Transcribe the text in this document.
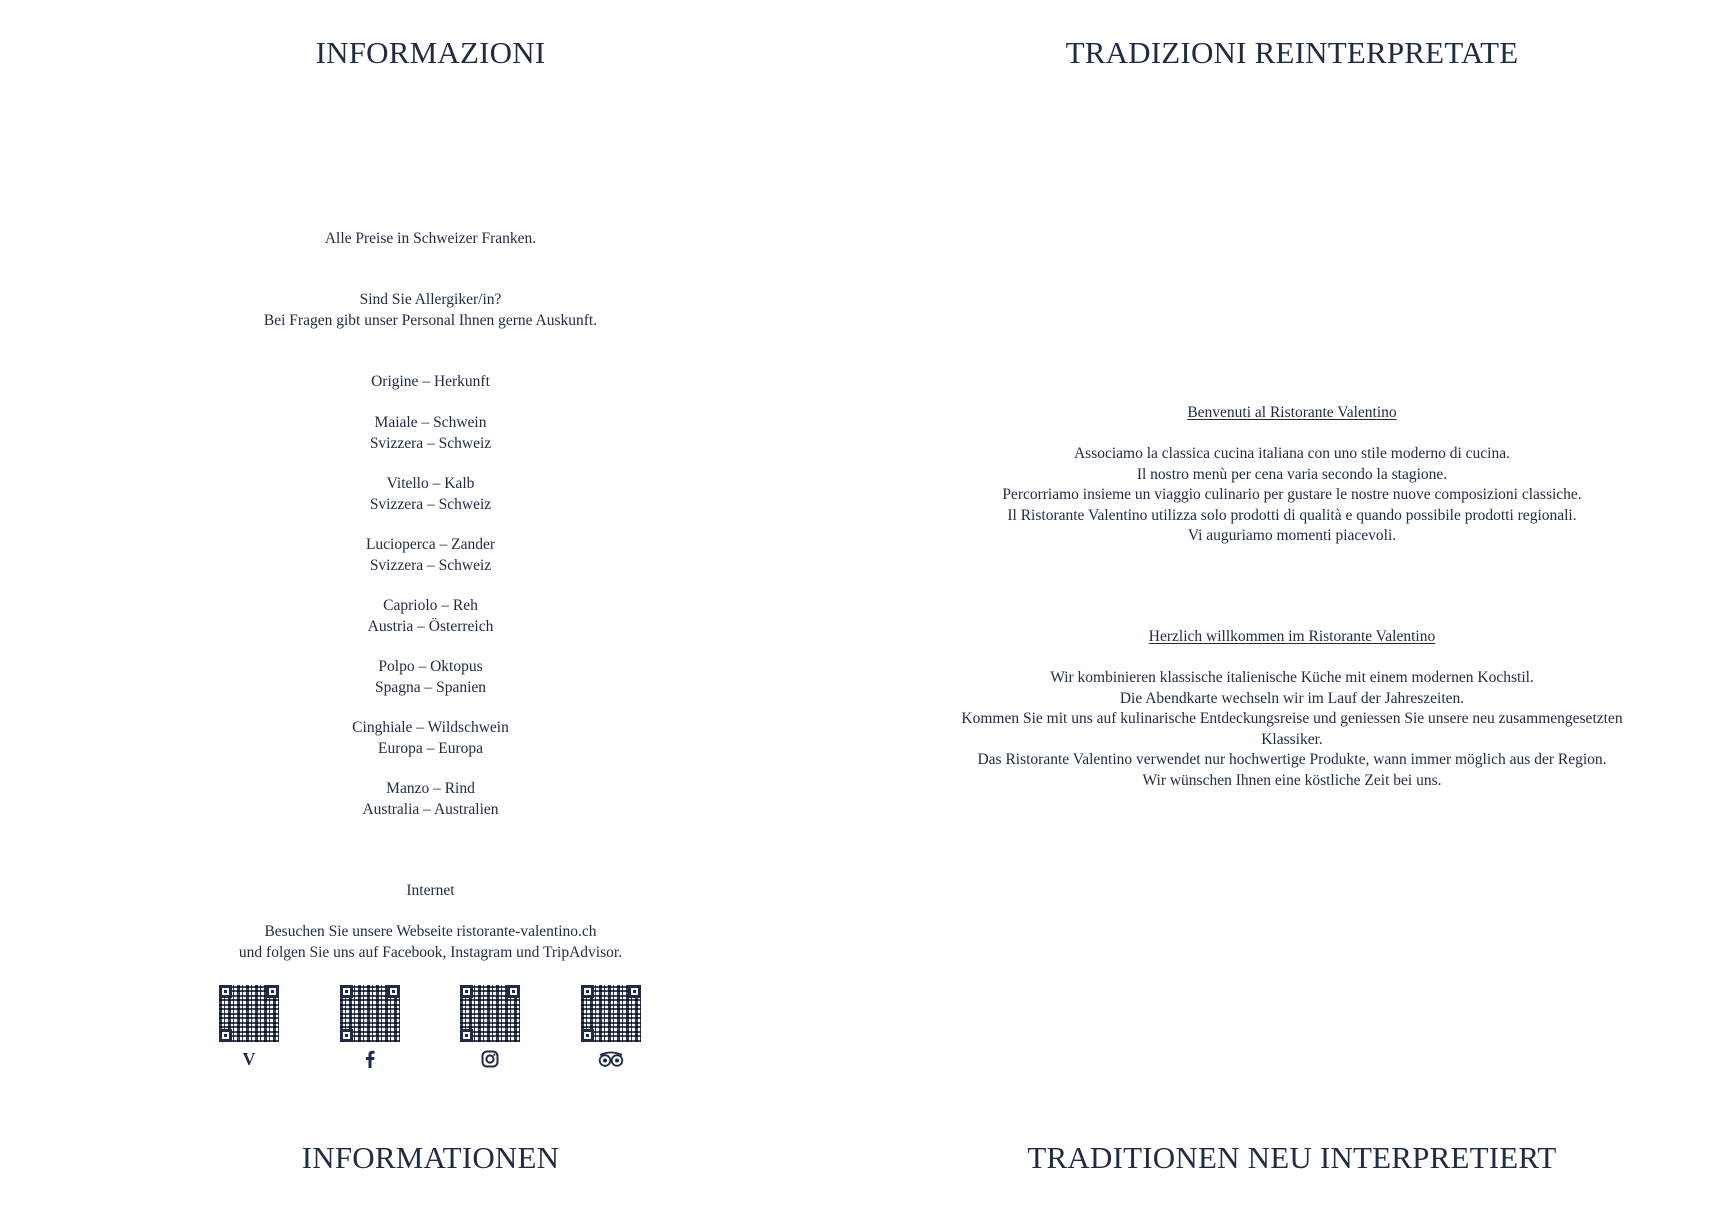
INFORMAZIONI
Alle Preise in Schweizer Franken.
Sind Sie Allergiker/in?
Bei Fragen gibt unser Personal Ihnen gerne Auskunft.
Origine – Herkunft
Maiale – Schwein
Svizzera – Schweiz
Vitello – Kalb
Svizzera – Schweiz
Lucioperca – Zander
Svizzera – Schweiz
Capriolo – Reh
Austria – Österreich
Polpo – Oktopus
Spagna – Spanien
Cinghiale – Wildschwein
Europa – Europa
Manzo – Rind
Australia – Australien
Internet
Besuchen Sie unsere Webseite ristorante-valentino.ch
und folgen Sie uns auf Facebook, Instagram und TripAdvisor.
V
INFORMATIONEN
TRADIZIONI REINTERPRETATE
Benvenuti al Ristorante Valentino
Associamo la classica cucina italiana con uno stile moderno di cucina.
Il nostro menù per cena varia secondo la stagione.
Percorriamo insieme un viaggio culinario per gustare le nostre nuove composizioni classiche.
Il Ristorante Valentino utilizza solo prodotti di qualità e quando possibile prodotti regionali.
Vi auguriamo momenti piacevoli.
Herzlich willkommen im Ristorante Valentino
Wir kombinieren klassische italienische Küche mit einem modernen Kochstil.
Die Abendkarte wechseln wir im Lauf der Jahreszeiten.
Kommen Sie mit uns auf kulinarische Entdeckungsreise und geniessen Sie unsere neu zusammengesetzten
Klassiker.
Das Ristorante Valentino verwendet nur hochwertige Produkte, wann immer möglich aus der Region.
Wir wünschen Ihnen eine köstliche Zeit bei uns.
TRADITIONEN NEU INTERPRETIERT
